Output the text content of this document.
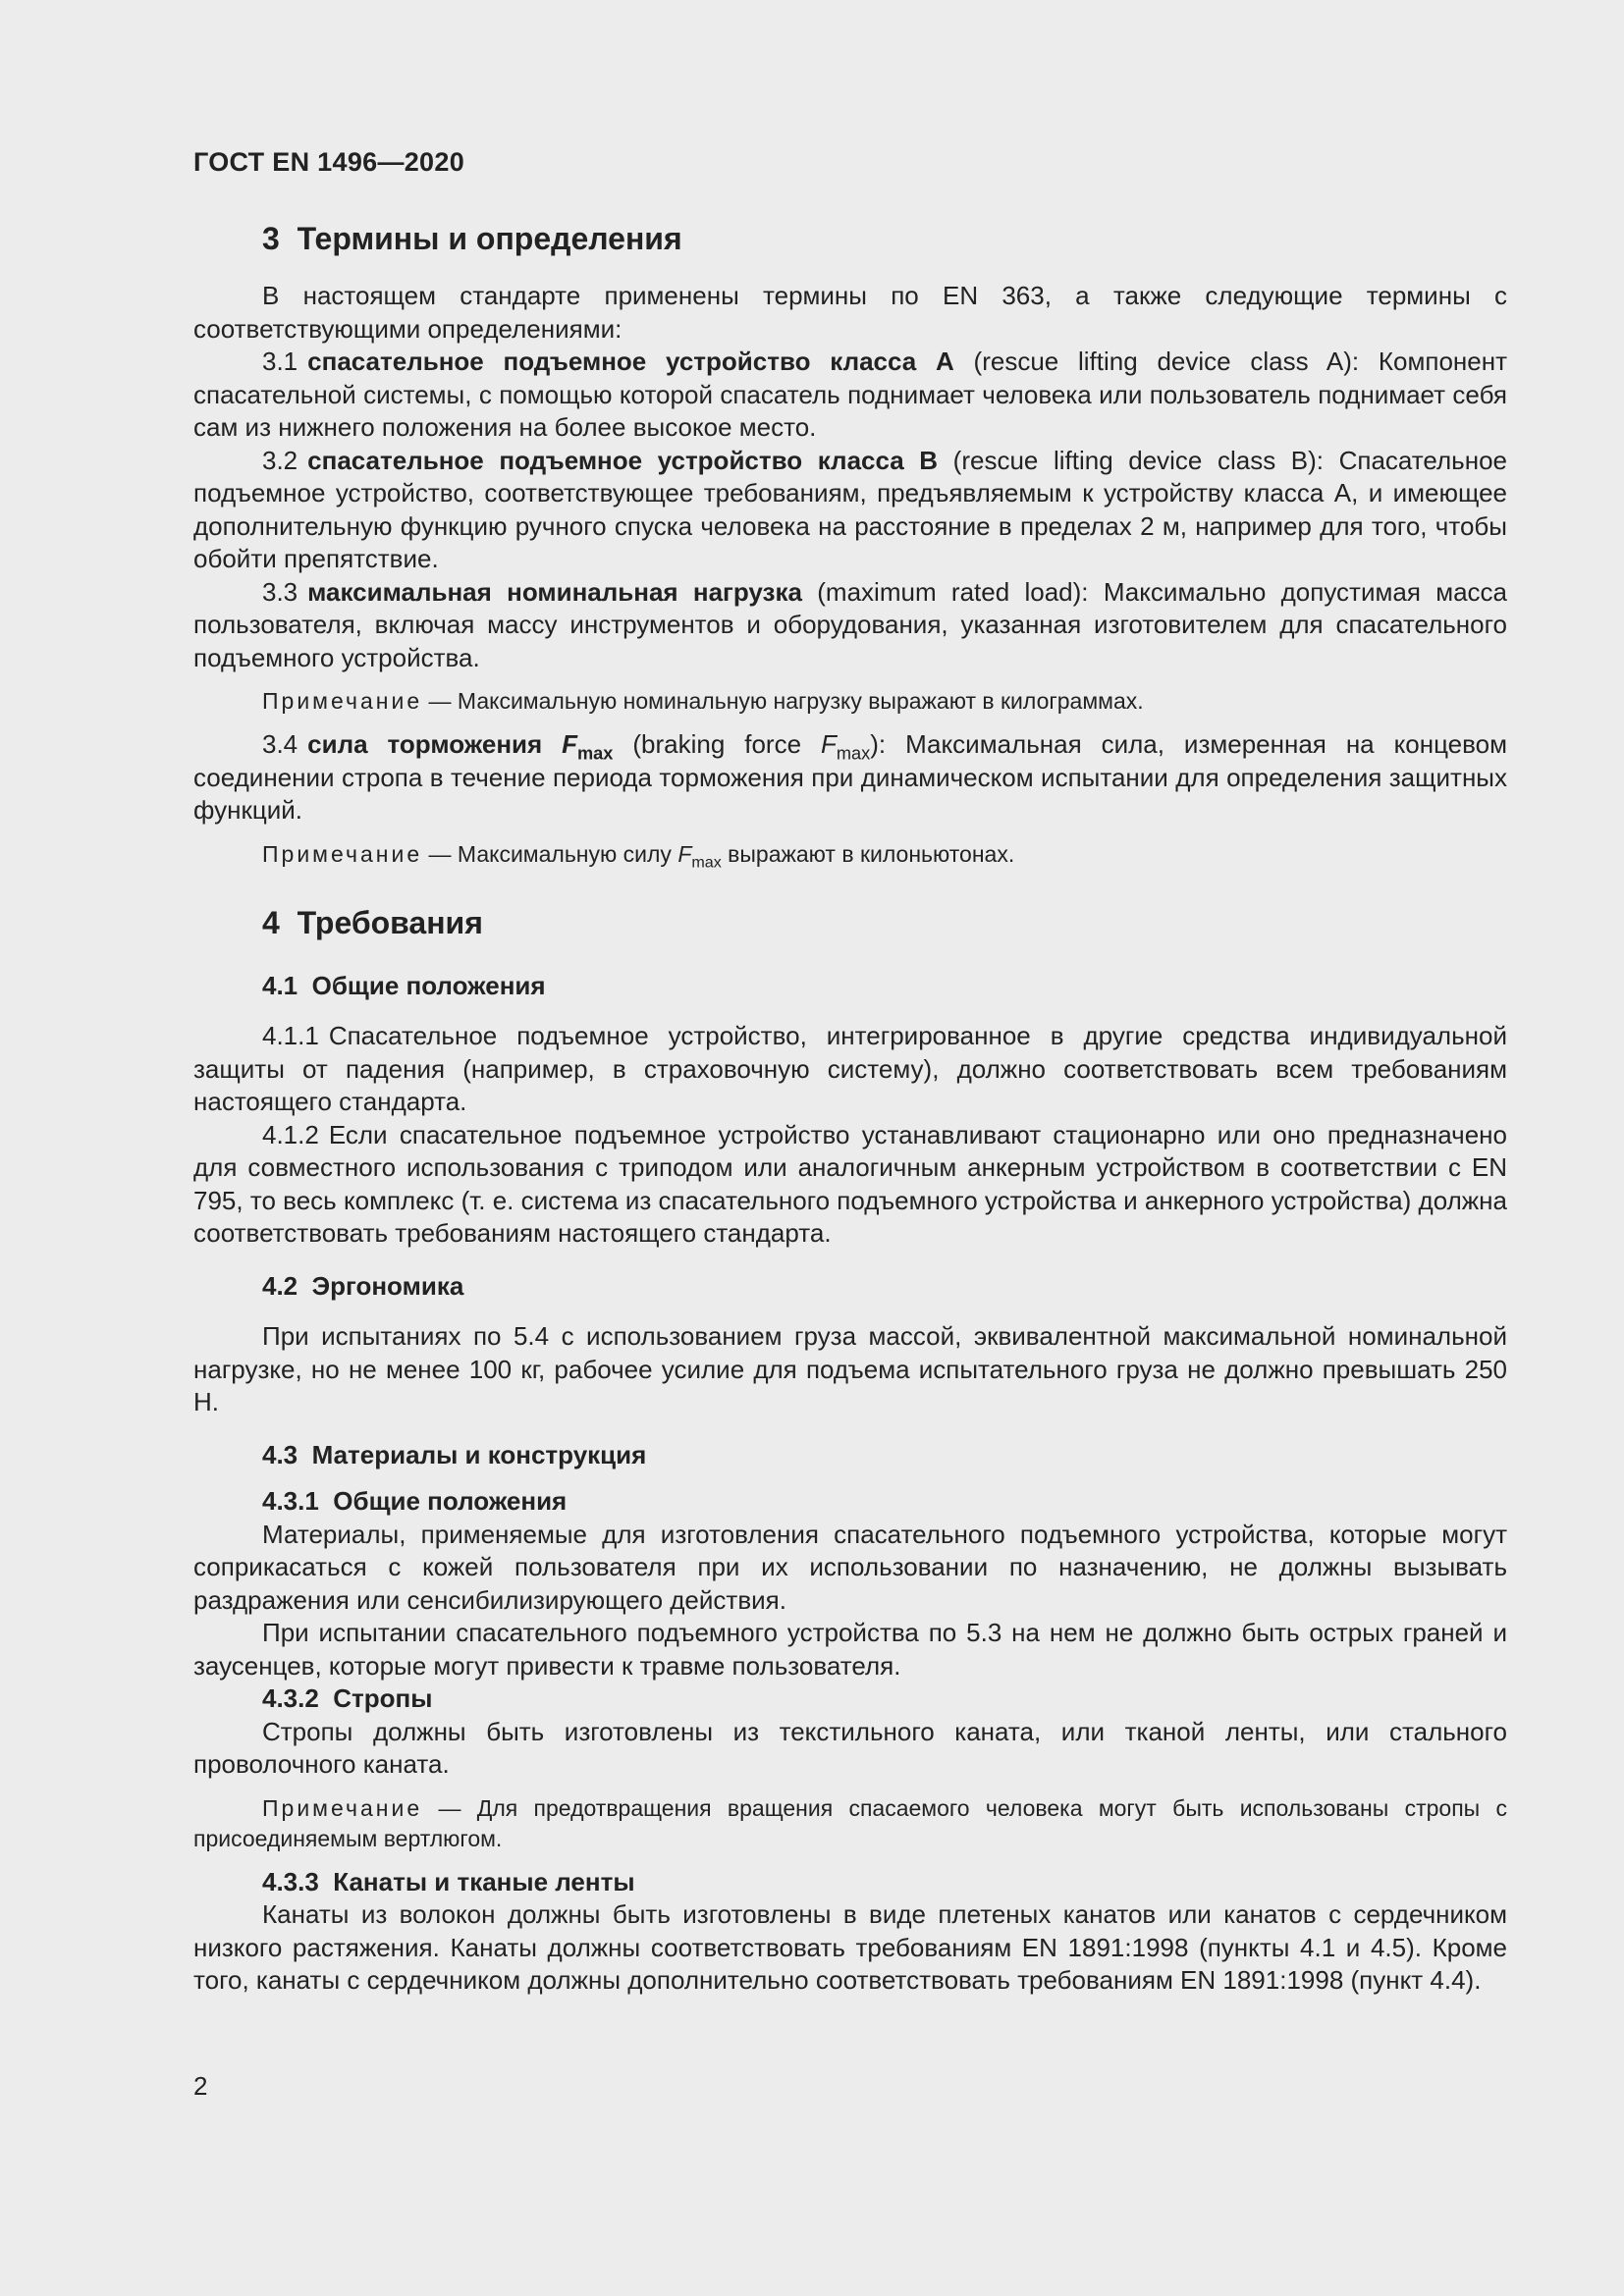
ГОСТ EN 1496—2020
3 Термины и определения

В настоящем стандарте применены термины по EN 363, а также следующие термины с соответствующими определениями:

3.1 спасательное подъемное устройство класса А (rescue lifting device class A): Компонент спасательной системы, с помощью которой спасатель поднимает человека или пользователь поднимает себя сам из нижнего положения на более высокое место.

3.2 спасательное подъемное устройство класса В (rescue lifting device class B): Спасательное подъемное устройство, соответствующее требованиям, предъявляемым к устройству класса А, и имеющее дополнительную функцию ручного спуска человека на расстояние в пределах 2 м, например для того, чтобы обойти препятствие.

3.3 максимальная номинальная нагрузка (maximum rated load): Максимально допустимая масса пользователя, включая массу инструментов и оборудования, указанная изготовителем для спасательного подъемного устройства.

Примечание — Максимальную номинальную нагрузку выражают в килограммах.

3.4 сила торможения $F_{max}$ (braking force $F_{max}$): Максимальная сила, измеренная на концевом соединении стропа в течение периода торможения при динамическом испытании для определения защитных функций.

Примечание — Максимальную силу $F_{max}$ выражают в килоньютонах.

4 Требования
4.1 Общие положения

4.1.1 Спасательное подъемное устройство, интегрированное в другие средства индивидуальной защиты от падения (например, в страховочную систему), должно соответствовать всем требованиям настоящего стандарта.

4.1.2 Если спасательное подъемное устройство устанавливают стационарно или оно предназначено для совместного использования с триподом или аналогичным анкерным устройством в соответствии с EN 795, то весь комплекс (т. е. система из спасательного подъемного устройства и анкерного устройства) должна соответствовать требованиям настоящего стандарта.

4.2 Эргономика

При испытаниях по 5.4 с использованием груза массой, эквивалентной максимальной номинальной нагрузке, но не менее 100 кг, рабочее усилие для подъема испытательного груза не должно превышать 250 Н.

4.3 Материалы и конструкция
4.3.1 Общие положения

Материалы, применяемые для изготовления спасательного подъемного устройства, которые могут соприкасаться с кожей пользователя при их использовании по назначению, не должны вызывать раздражения или сенсибилизирующего действия.

При испытании спасательного подъемного устройства по 5.3 на нем не должно быть острых граней и заусенцев, которые могут привести к травме пользователя.

4.3.2 Стропы

Стропы должны быть изготовлены из текстильного каната, или тканой ленты, или стального проволочного каната.

Примечание — Для предотвращения вращения спасаемого человека могут быть использованы стропы с присоединяемым вертлюгом.

4.3.3 Канаты и тканые ленты

Канаты из волокон должны быть изготовлены в виде плетеных канатов или канатов с сердечником низкого растяжения. Канаты должны соответствовать требованиям EN 1891:1998 (пункты 4.1 и 4.5). Кроме того, канаты с сердечником должны дополнительно соответствовать требованиям EN 1891:1998 (пункт 4.4).

2
